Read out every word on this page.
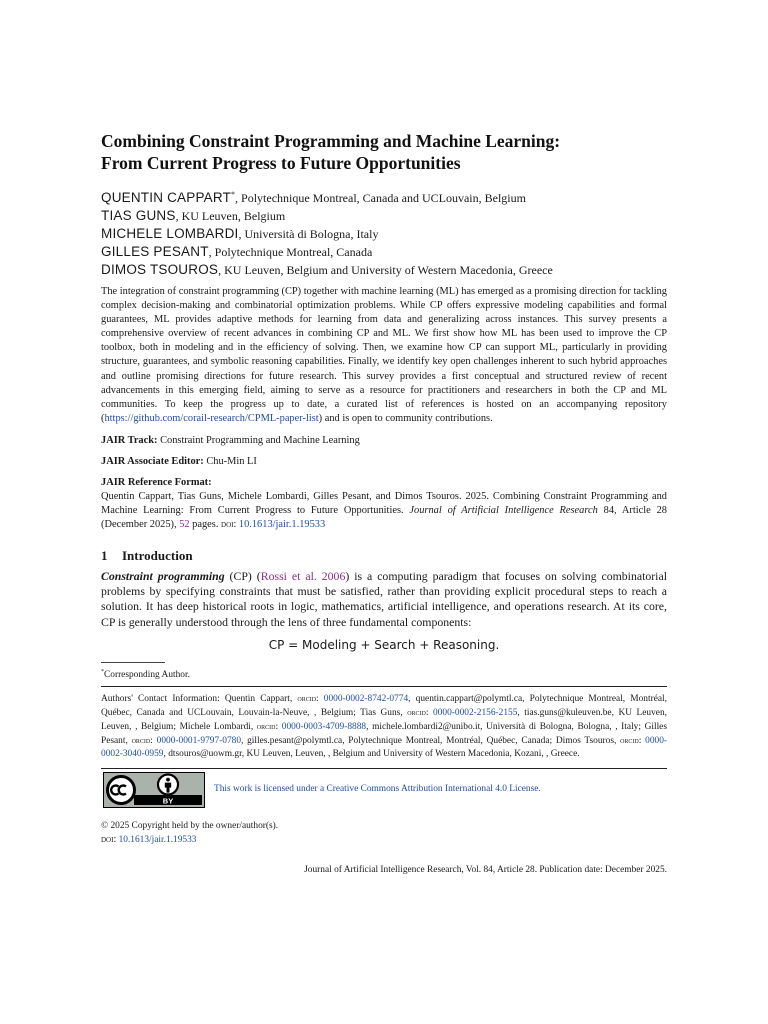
Combining Constraint Programming and Machine Learning:
From Current Progress to Future Opportunities
QUENTIN CAPPART*, Polytechnique Montreal, Canada and UCLouvain, Belgium
TIAS GUNS, KU Leuven, Belgium
MICHELE LOMBARDI, Università di Bologna, Italy
GILLES PESANT, Polytechnique Montreal, Canada
DIMOS TSOUROS, KU Leuven, Belgium and University of Western Macedonia, Greece

The integration of constraint programming (CP) together with machine learning (ML) has emerged as a promising direction for tackling complex decision-making and combinatorial optimization problems. While CP offers expressive modeling capabilities and formal guarantees, ML provides adaptive methods for learning from data and generalizing across instances. This survey presents a comprehensive overview of recent advances in combining CP and ML. We first show how ML has been used to improve the CP toolbox, both in modeling and in the efficiency of solving. Then, we examine how CP can support ML, particularly in providing structure, guarantees, and symbolic reasoning capabilities. Finally, we identify key open challenges inherent to such hybrid approaches and outline promising directions for future research. This survey provides a first conceptual and structured review of recent advancements in this emerging field, aiming to serve as a resource for practitioners and researchers in both the CP and ML communities. To keep the progress up to date, a curated list of references is hosted on an accompanying repository (https://github.com/corail-research/CPML-paper-list) and is open to community contributions.

JAIR Track: Constraint Programming and Machine Learning

JAIR Associate Editor: Chu-Min LI

JAIR Reference Format:
Quentin Cappart, Tias Guns, Michele Lombardi, Gilles Pesant, and Dimos Tsouros. 2025. Combining Constraint Programming and Machine Learning: From Current Progress to Future Opportunities. Journal of Artificial Intelligence Research 84, Article 28 (December 2025), 52 pages. doi: 10.1613/jair.1.19533
1 Introduction

Constraint programming (CP) (Rossi et al. 2006) is a computing paradigm that focuses on solving combinatorial problems by specifying constraints that must be satisfied, rather than providing explicit procedural steps to reach a solution. It has deep historical roots in logic, mathematics, artificial intelligence, and operations research. At its core, CP is generally understood through the lens of three fundamental components:

CP = Modeling + Search + Reasoning.
*Corresponding Author.

Authors' Contact Information: Quentin Cappart, orcid: 0000-0002-8742-0774, quentin.cappart@polymtl.ca, Polytechnique Montreal, Montréal, Québec, Canada and UCLouvain, Louvain-la-Neuve, , Belgium; Tias Guns, orcid: 0000-0002-2156-2155, tias.guns@kuleuven.be, KU Leuven, Leuven, , Belgium; Michele Lombardi, orcid: 0000-0003-4709-8888, michele.lombardi2@unibo.it, Università di Bologna, Bologna, , Italy; Gilles Pesant, orcid: 0000-0001-9797-0780, gilles.pesant@polymtl.ca, Polytechnique Montreal, Montréal, Québec, Canada; Dimos Tsouros, orcid: 0000-0002-3040-0959, dtsouros@uowm.gr, KU Leuven, Leuven, , Belgium and University of Western Macedonia, Kozani, , Greece.

BY
This work is licensed under a Creative Commons Attribution International 4.0 License.
© 2025 Copyright held by the owner/author(s).
doi: 10.1613/jair.1.19533
Journal of Artificial Intelligence Research, Vol. 84, Article 28. Publication date: December 2025.
